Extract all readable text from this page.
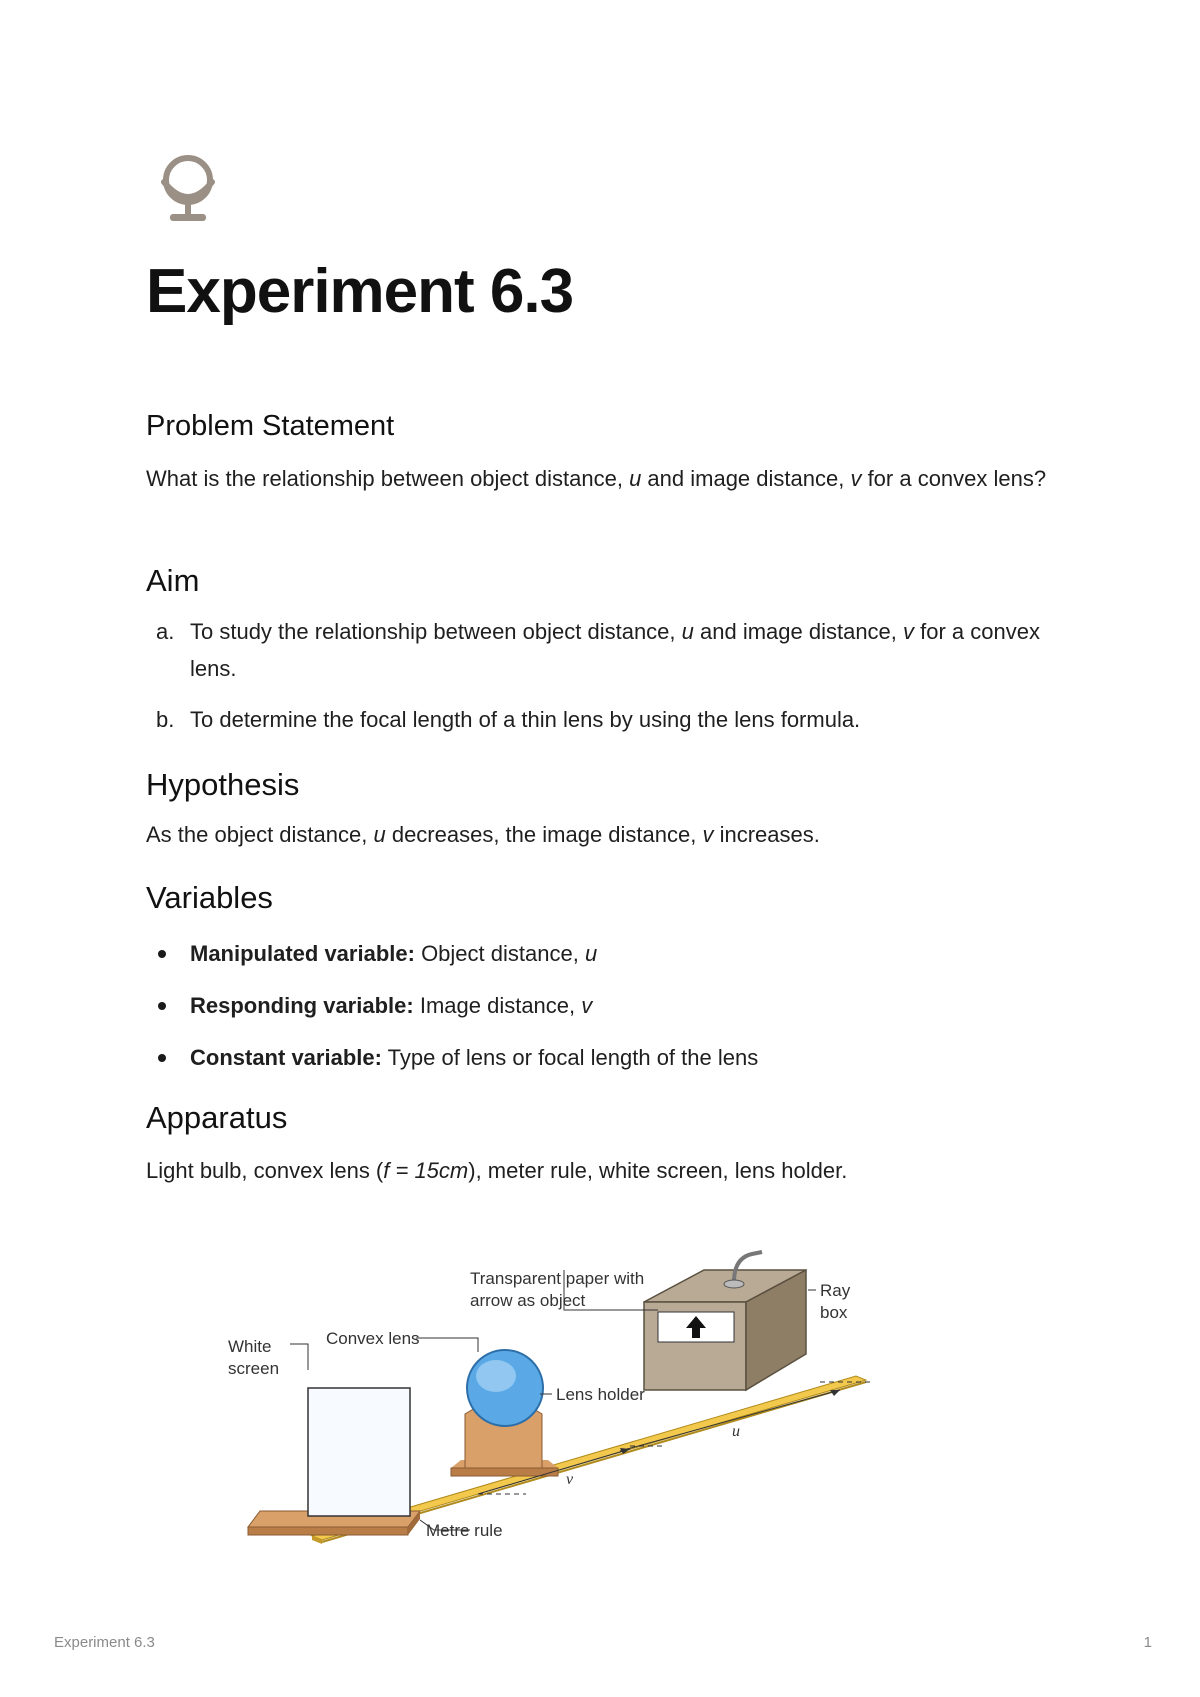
Experiment 6.3
Problem Statement

What is the relationship between object distance, u and image distance, v for a convex lens?

Aim
a. To study the relationship between object distance, u and image distance, v for a convex lens.
b. To determine the focal length of a thin lens by using the lens formula.
Hypothesis

As the object distance, u decreases, the image distance, v increases.

Variables
Manipulated variable: Object distance, u
Responding variable: Image distance, v
Constant variable: Type of lens or focal length of the lens
Apparatus

Light bulb, convex lens (f = 15cm), meter rule, white screen, lens holder.

White
screen
Convex lens
Transparent paper with
arrow as object
Ray
box
Lens holder
Metre rule
u
v
Experiment 6.3	1
